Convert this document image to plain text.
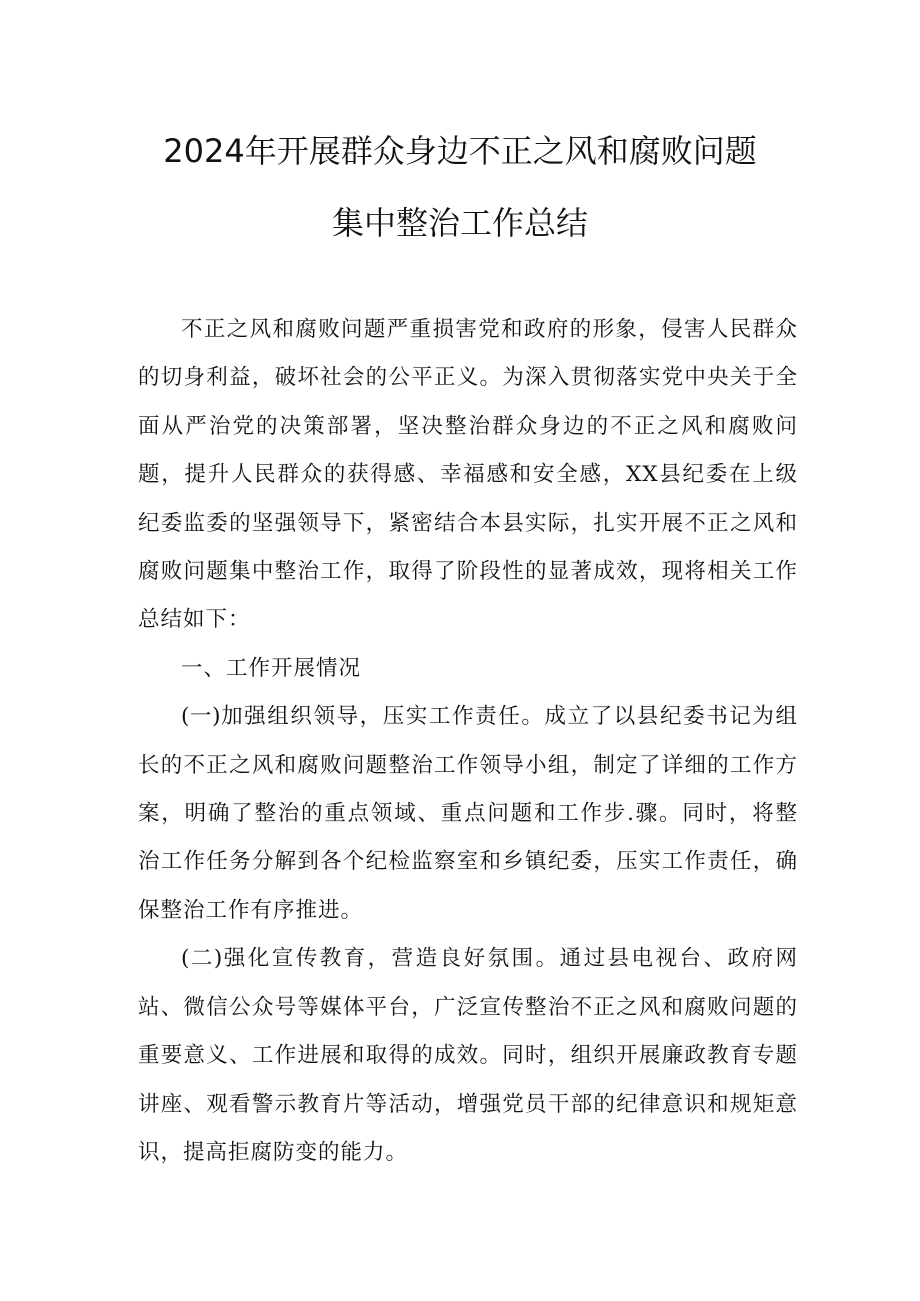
2024年开展群众身边不正之风和腐败问题
集中整治工作总结

不正之风和腐败问题严重损害党和政府的形象，侵害人民群众的切身利益，破坏社会的公平正义。为深入贯彻落实党中央关于全面从严治党的决策部署，坚决整治群众身边的不正之风和腐败问题，提升人民群众的获得感、幸福感和安全感，XX县纪委在上级纪委监委的坚强领导下，紧密结合本县实际，扎实开展不正之风和腐败问题集中整治工作，取得了阶段性的显著成效，现将相关工作总结如下：

一、工作开展情况

(一)加强组织领导，压实工作责任。成立了以县纪委书记为组长的不正之风和腐败问题整治工作领导小组，制定了详细的工作方案，明确了整治的重点领域、重点问题和工作步.骤。同时，将整治工作任务分解到各个纪检监察室和乡镇纪委，压实工作责任，确保整治工作有序推进。

(二)强化宣传教育，营造良好氛围。通过县电视台、政府网站、微信公众号等媒体平台，广泛宣传整治不正之风和腐败问题的重要意义、工作进展和取得的成效。同时，组织开展廉政教育专题讲座、观看警示教育片等活动，增强党员干部的纪律意识和规矩意识，提高拒腐防变的能力。
